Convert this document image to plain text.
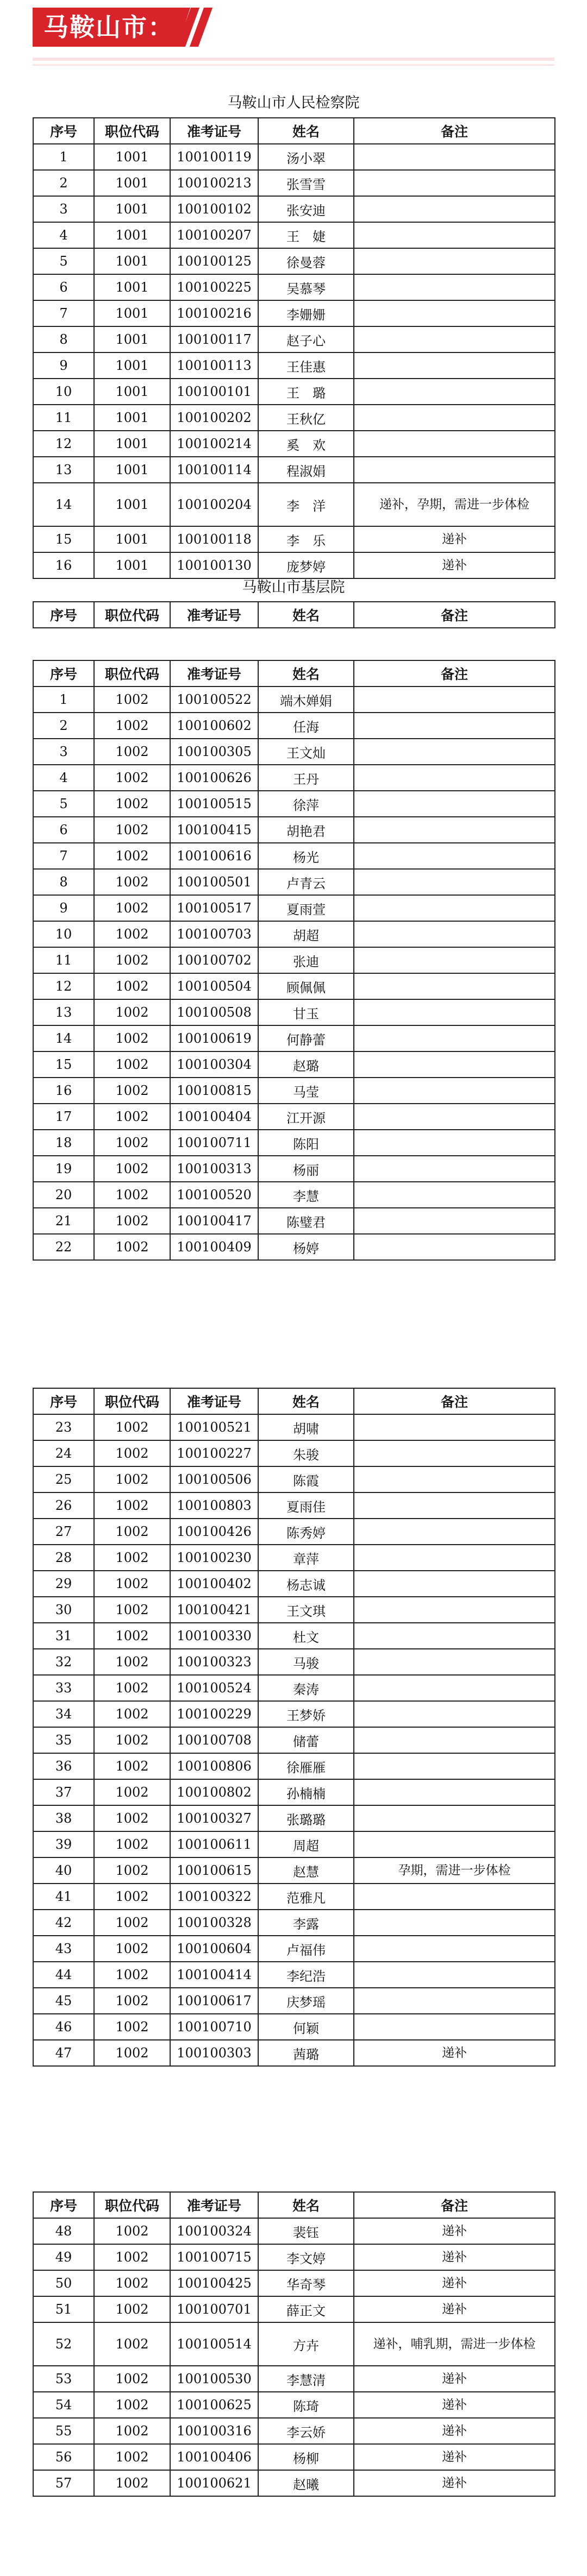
马鞍山市：
马鞍山市人民检察院
序号	职位代码	准考证号	姓名	备注
1	1001	100100119	汤小翠	
2	1001	100100213	张雪雪	
3	1001	100100102	张安迪	
4	1001	100100207	王　婕	
5	1001	100100125	徐曼蓉	
6	1001	100100225	吴慕琴	
7	1001	100100216	李姗姗	
8	1001	100100117	赵子心	
9	1001	100100113	王佳惠	
10	1001	100100101	王　璐	
11	1001	100100202	王秋亿	
12	1001	100100214	奚　欢	
13	1001	100100114	程淑娟	
14	1001	100100204	李　洋	递补，孕期，需进一步体检
15	1001	100100118	李　乐	递补
16	1001	100100130	庞梦婷	递补
马鞍山市基层院
序号	职位代码	准考证号	姓名	备注
序号	职位代码	准考证号	姓名	备注
1	1002	100100522	端木婵娟	
2	1002	100100602	任海	
3	1002	100100305	王文灿	
4	1002	100100626	王丹	
5	1002	100100515	徐萍	
6	1002	100100415	胡艳君	
7	1002	100100616	杨光	
8	1002	100100501	卢青云	
9	1002	100100517	夏雨萱	
10	1002	100100703	胡超	
11	1002	100100702	张迪	
12	1002	100100504	顾佩佩	
13	1002	100100508	甘玉	
14	1002	100100619	何静蕾	
15	1002	100100304	赵璐	
16	1002	100100815	马莹	
17	1002	100100404	江开源	
18	1002	100100711	陈阳	
19	1002	100100313	杨丽	
20	1002	100100520	李慧	
21	1002	100100417	陈璧君	
22	1002	100100409	杨婷	
序号	职位代码	准考证号	姓名	备注
23	1002	100100521	胡啸	
24	1002	100100227	朱骏	
25	1002	100100506	陈霞	
26	1002	100100803	夏雨佳	
27	1002	100100426	陈秀婷	
28	1002	100100230	章萍	
29	1002	100100402	杨志诚	
30	1002	100100421	王文琪	
31	1002	100100330	杜文	
32	1002	100100323	马骏	
33	1002	100100524	秦涛	
34	1002	100100229	王梦娇	
35	1002	100100708	储蕾	
36	1002	100100806	徐雁雁	
37	1002	100100802	孙楠楠	
38	1002	100100327	张璐璐	
39	1002	100100611	周超	
40	1002	100100615	赵慧	孕期，需进一步体检
41	1002	100100322	范雅凡	
42	1002	100100328	李露	
43	1002	100100604	卢福伟	
44	1002	100100414	李纪浩	
45	1002	100100617	庆梦瑶	
46	1002	100100710	何颖	
47	1002	100100303	茜璐	递补
序号	职位代码	准考证号	姓名	备注
48	1002	100100324	裴钰	递补
49	1002	100100715	李文婷	递补
50	1002	100100425	华奇琴	递补
51	1002	100100701	薛正文	递补
52	1002	100100514	方卉	递补，哺乳期，需进一步体检
53	1002	100100530	李慧清	递补
54	1002	100100625	陈琦	递补
55	1002	100100316	李云娇	递补
56	1002	100100406	杨柳	递补
57	1002	100100621	赵曦	递补
